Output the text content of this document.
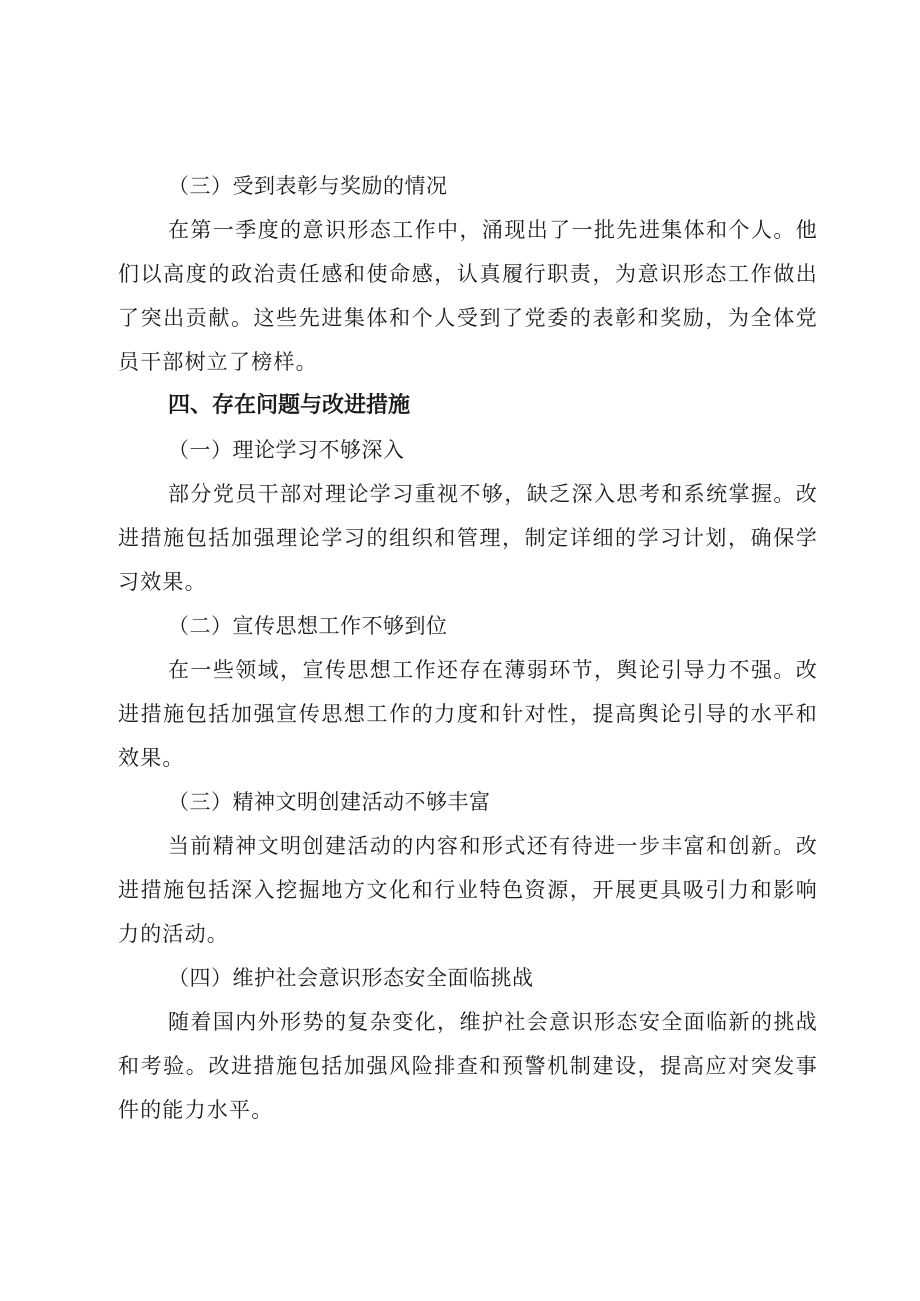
（三）受到表彰与奖励的情况

在第一季度的意识形态工作中，涌现出了一批先进集体和个人。他们以高度的政治责任感和使命感，认真履行职责，为意识形态工作做出了突出贡献。这些先进集体和个人受到了党委的表彰和奖励，为全体党员干部树立了榜样。

四、存在问题与改进措施

（一）理论学习不够深入

部分党员干部对理论学习重视不够，缺乏深入思考和系统掌握。改进措施包括加强理论学习的组织和管理，制定详细的学习计划，确保学习效果。

（二）宣传思想工作不够到位

在一些领域，宣传思想工作还存在薄弱环节，舆论引导力不强。改进措施包括加强宣传思想工作的力度和针对性，提高舆论引导的水平和效果。

（三）精神文明创建活动不够丰富

当前精神文明创建活动的内容和形式还有待进一步丰富和创新。改进措施包括深入挖掘地方文化和行业特色资源，开展更具吸引力和影响力的活动。

（四）维护社会意识形态安全面临挑战

随着国内外形势的复杂变化，维护社会意识形态安全面临新的挑战和考验。改进措施包括加强风险排查和预警机制建设，提高应对突发事件的能力水平。
